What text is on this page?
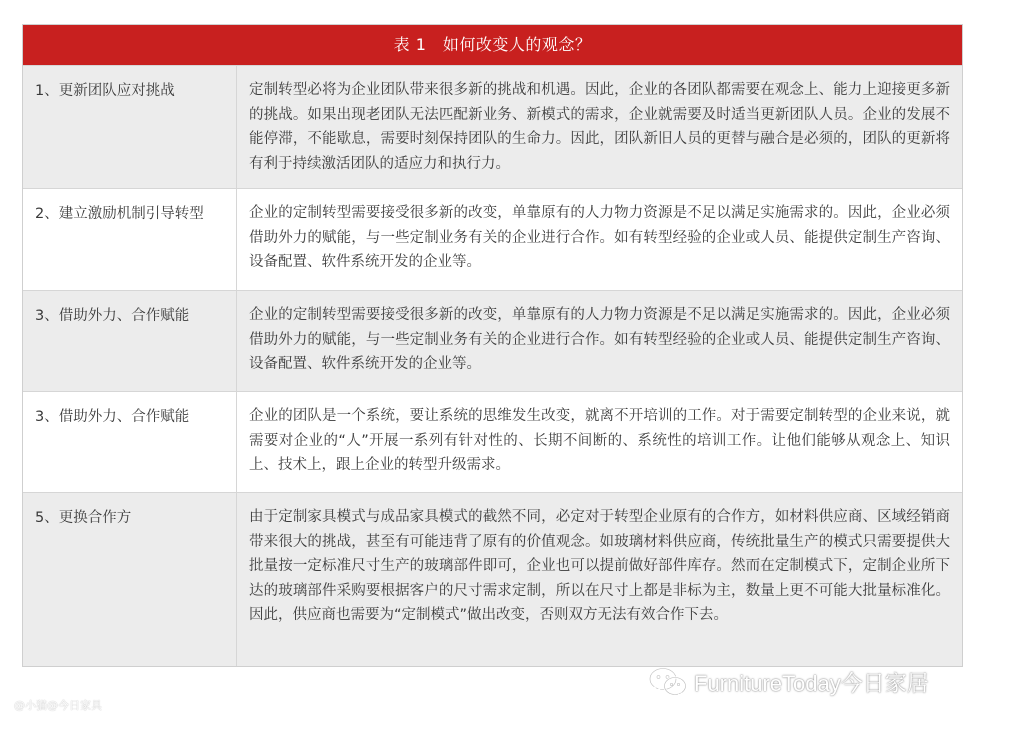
表 1　如何改变人的观念？
1、更新团队应对挑战	定制转型必将为企业团队带来很多新的挑战和机遇。因此，企业的各团队都需要在观念上、能力上迎接更多新的挑战。如果出现老团队无法匹配新业务、新模式的需求，企业就需要及时适当更新团队人员。企业的发展不能停滞，不能歇息，需要时刻保持团队的生命力。因此，团队新旧人员的更替与融合是必须的，团队的更新将有利于持续激活团队的适应力和执行力。
2、建立激励机制引导转型	企业的定制转型需要接受很多新的改变，单靠原有的人力物力资源是不足以满足实施需求的。因此，企业必须借助外力的赋能，与一些定制业务有关的企业进行合作。如有转型经验的企业或人员、能提供定制生产咨询、设备配置、软件系统开发的企业等。
3、借助外力、合作赋能	企业的定制转型需要接受很多新的改变，单靠原有的人力物力资源是不足以满足实施需求的。因此，企业必须借助外力的赋能，与一些定制业务有关的企业进行合作。如有转型经验的企业或人员、能提供定制生产咨询、设备配置、软件系统开发的企业等。
3、借助外力、合作赋能	企业的团队是一个系统，要让系统的思维发生改变，就离不开培训的工作。对于需要定制转型的企业来说，就需要对企业的“人”开展一系列有针对性的、长期不间断的、系统性的培训工作。让他们能够从观念上、知识上、技术上，跟上企业的转型升级需求。
5、更换合作方	由于定制家具模式与成品家具模式的截然不同，必定对于转型企业原有的合作方，如材料供应商、区域经销商带来很大的挑战，甚至有可能违背了原有的价值观念。如玻璃材料供应商，传统批量生产的模式只需要提供大批量按一定标准尺寸生产的玻璃部件即可，企业也可以提前做好部件库存。然而在定制模式下，定制企业所下达的玻璃部件采购要根据客户的尺寸需求定制，所以在尺寸上都是非标为主，数量上更不可能大批量标准化。因此，供应商也需要为“定制模式”做出改变，否则双方无法有效合作下去。
FurnitureToday今日家居
@小猫@今日家具
